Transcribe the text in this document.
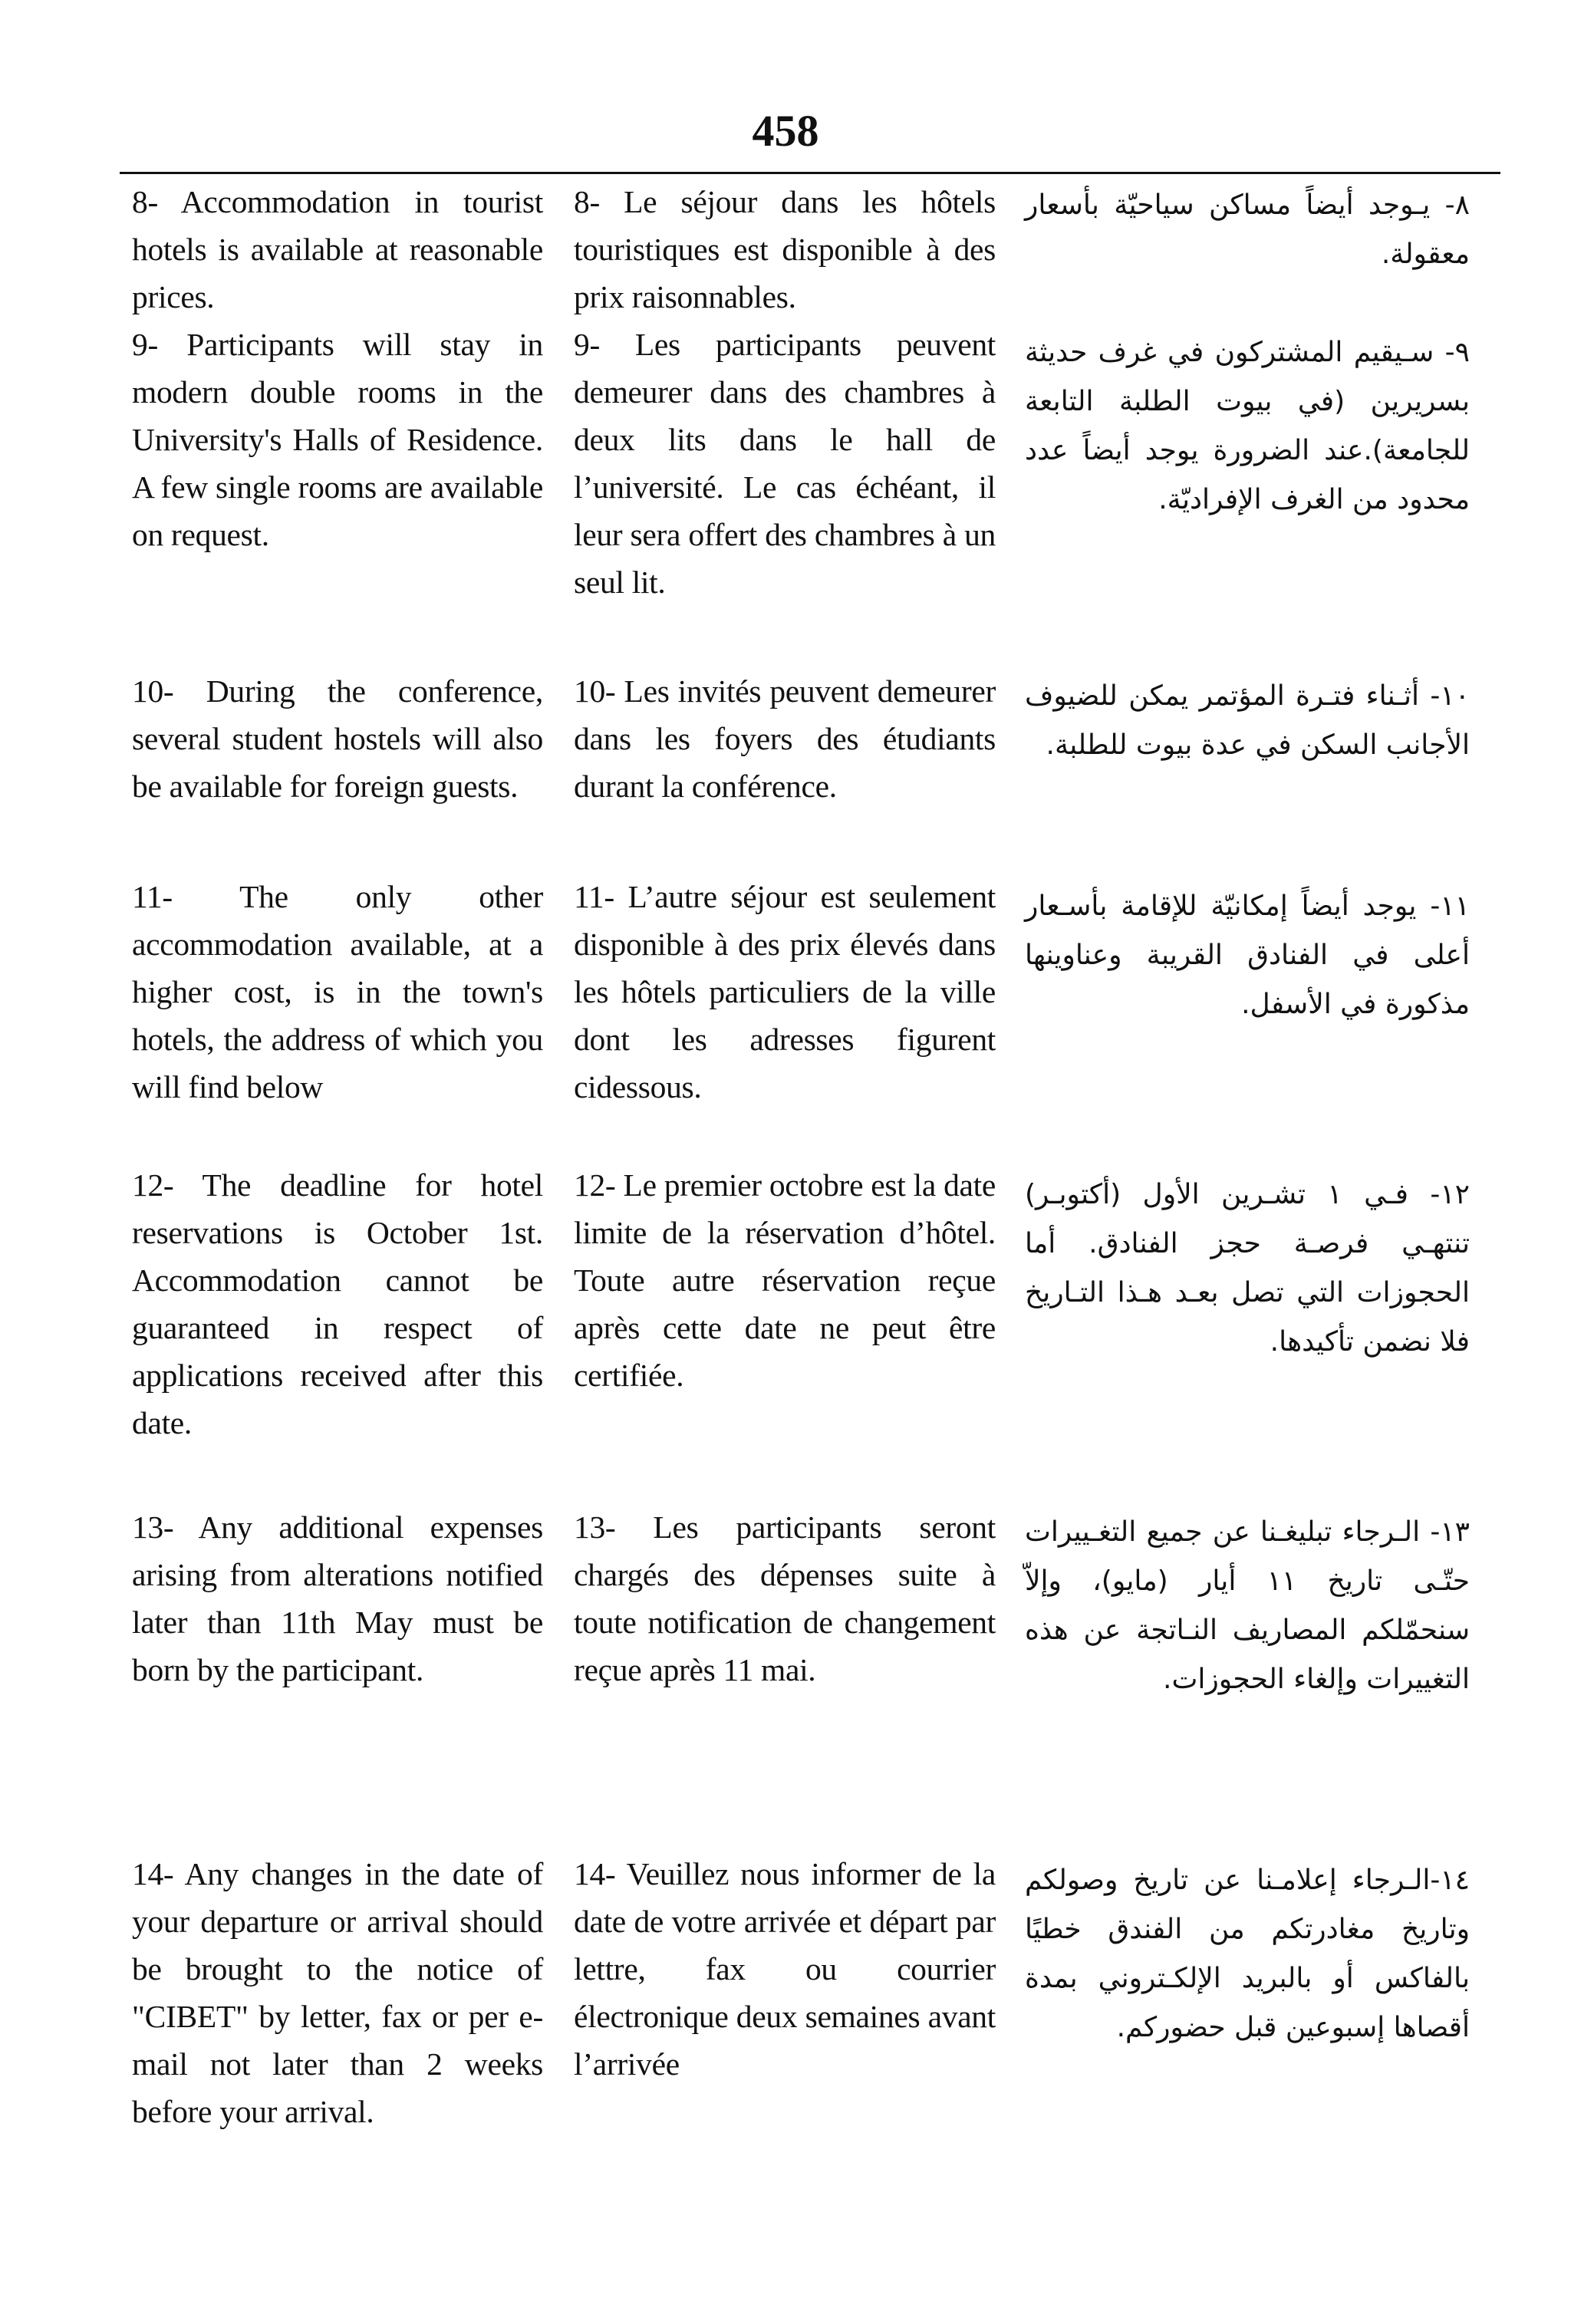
458

8- Accommodation in tourist hotels is available at reasonable prices.

8- Le séjour dans les hôtels touristiques est disponible à des prix raisonnables.

٨- يـوجد أيضاً مساكن سياحيّة بأسعار معقولة.

9- Participants will stay in modern double rooms in the University's Halls of Residence. A few single rooms are available on request.

9- Les participants peuvent demeurer dans des chambres à deux lits dans le hall de l’université. Le cas échéant, il leur sera offert des chambres à un seul lit.

٩- سـيقيم المشتركون في غرف حديثة بسريرين (في بيوت الطلبة التابعة للجامعة).عند الضرورة يوجد أيضاً عدد محدود من الغرف الإفراديّة.

10- During the conference, several student hostels will also be available for foreign guests.

10- Les invités peuvent demeurer dans les foyers des étudiants durant la conférence.

١٠- أثـناء فتـرة المؤتمر يمكن للضيوف الأجانب السكن في عدة بيوت للطلبة.

11- The only other accommodation available, at a higher cost, is in the town's hotels, the address of which you will find below

11- L’autre séjour est seulement disponible à des prix élevés dans les hôtels particuliers de la ville dont les adresses figurent cidessous.

١١- يوجد أيضاً إمكانيّة للإقامة بأسـعار أعلى في الفنادق القريبة وعناوينها مذكورة في الأسفل.

12- The deadline for hotel reservations is October 1st. Accommodation cannot be guaranteed in respect of applications received after this date.

12- Le premier octobre est la date limite de la réservation d’hôtel. Toute autre réservation reçue après cette date ne peut être certifiée.

١٢- فـي ١ تشـرين الأول (أكتوبـر) تنتهـي فرصـة حجز الفنادق. أما الحجوزات التي تصل بعـد هـذا التـاريخ فلا نضمن تأكيدها.

13- Any additional expenses arising from alterations notified later than 11th May must be born by the participant.

13- Les participants seront chargés des dépenses suite à toute notification de changement reçue après 11 mai.

١٣- الـرجاء تبليغـنا عن جميع التغـييرات حتّـى تاريخ ١١ أيار (مايو)، وإلاّ سنحمّلكم المصاريف النـاتجة عن هذه التغييرات وإلغاء الحجوزات.

14- Any changes in the date of your departure or arrival should be brought to the notice of "CIBET" by letter, fax or per e-mail not later than 2 weeks before your arrival.

14- Veuillez nous informer de la date de votre arrivée et départ par lettre, fax ou courrier électronique deux semaines avant l’arrivée

١٤-الـرجاء إعلامـنا عن تاريخ وصولكم وتاريخ مغادرتكم من الفندق خطيًا بالفاكس أو بالبريد الإلكـتروني بمدة أقصاها إسبوعين قبل حضوركم.
